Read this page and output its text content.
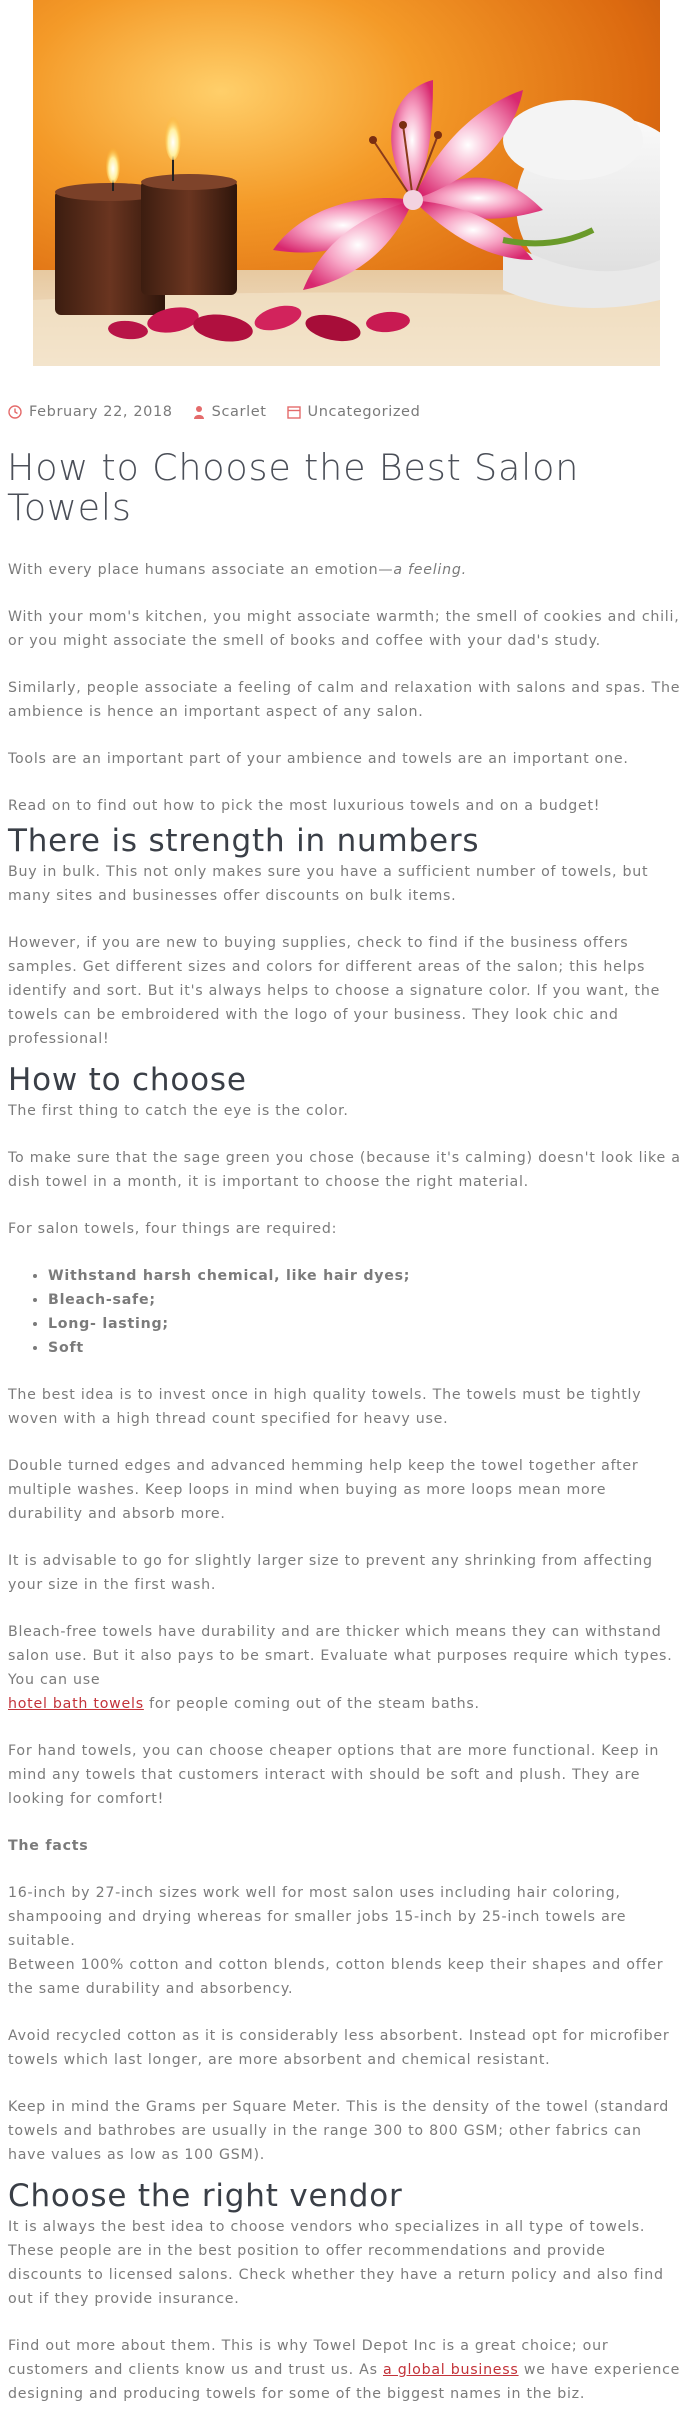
February 22, 2018	Scarlet	Uncategorized
How to Choose the Best Salon Towels

With every place humans associate an emotion—a feeling.

With your mom's kitchen, you might associate warmth; the smell of cookies and chili, or you might associate the smell of books and coffee with your dad's study.

Similarly, people associate a feeling of calm and relaxation with salons and spas. The ambience is hence an important aspect of any salon.

Tools are an important part of your ambience and towels are an important one.

Read on to find out how to pick the most luxurious towels and on a budget!

There is strength in numbers

Buy in bulk. This not only makes sure you have a sufficient number of towels, but many sites and businesses offer discounts on bulk items.

However, if you are new to buying supplies, check to find if the business offers samples. Get different sizes and colors for different areas of the salon; this helps identify and sort. But it's always helps to choose a signature color. If you want, the towels can be embroidered with the logo of your business. They look chic and professional!

How to choose

The first thing to catch the eye is the color.

To make sure that the sage green you chose (because it's calming) doesn't look like a dish towel in a month, it is important to choose the right material.

For salon towels, four things are required:

• Withstand harsh chemical, like hair dyes;
• Bleach-safe;
• Long- lasting;
• Soft

The best idea is to invest once in high quality towels. The towels must be tightly woven with a high thread count specified for heavy use.

Double turned edges and advanced hemming help keep the towel together after multiple washes. Keep loops in mind when buying as more loops mean more durability and absorb more.

It is advisable to go for slightly larger size to prevent any shrinking from affecting your size in the first wash.

Bleach-free towels have durability and are thicker which means they can withstand salon use. But it also pays to be smart. Evaluate what purposes require which types. You can use
hotel bath towels for people coming out of the steam baths.

For hand towels, you can choose cheaper options that are more functional. Keep in mind any towels that customers interact with should be soft and plush. They are looking for comfort!

The facts

16-inch by 27-inch sizes work well for most salon uses including hair coloring, shampooing and drying whereas for smaller jobs 15-inch by 25-inch towels are suitable.
Between 100% cotton and cotton blends, cotton blends keep their shapes and offer the same durability and absorbency.

Avoid recycled cotton as it is considerably less absorbent. Instead opt for microfiber towels which last longer, are more absorbent and chemical resistant.

Keep in mind the Grams per Square Meter. This is the density of the towel (standard towels and bathrobes are usually in the range 300 to 800 GSM; other fabrics can have values as low as 100 GSM).

Choose the right vendor

It is always the best idea to choose vendors who specializes in all type of towels. These people are in the best position to offer recommendations and provide discounts to licensed salons. Check whether they have a return policy and also find out if they provide insurance.

Find out more about them. This is why Towel Depot Inc is a great choice; our customers and clients know us and trust us. As a global business we have experience designing and producing towels for some of the biggest names in the biz.
